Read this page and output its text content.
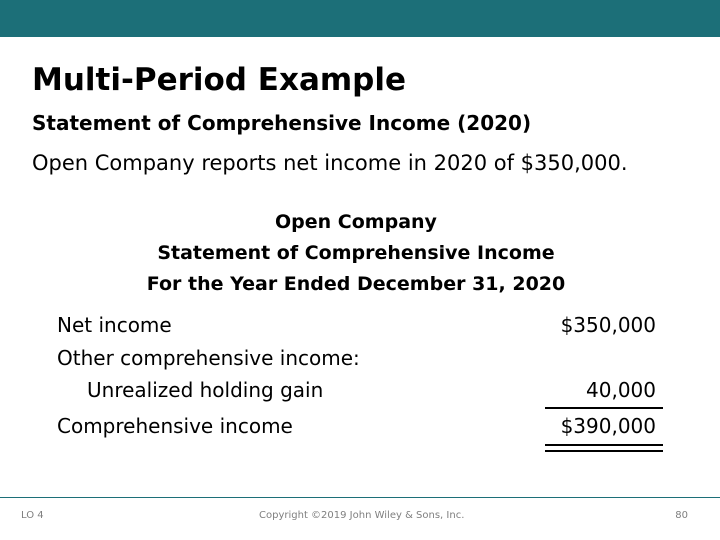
Multi-Period Example
Statement of Comprehensive Income (2020)
Open Company reports net income in 2020 of $350,000.
Open Company
Statement of Comprehensive Income
For the Year Ended December 31, 2020
Net income	$350,000
Other comprehensive income:
Unrealized holding gain	40,000
Comprehensive income	$390,000
LO 4	Copyright ©2019 John Wiley & Sons, Inc.	80
